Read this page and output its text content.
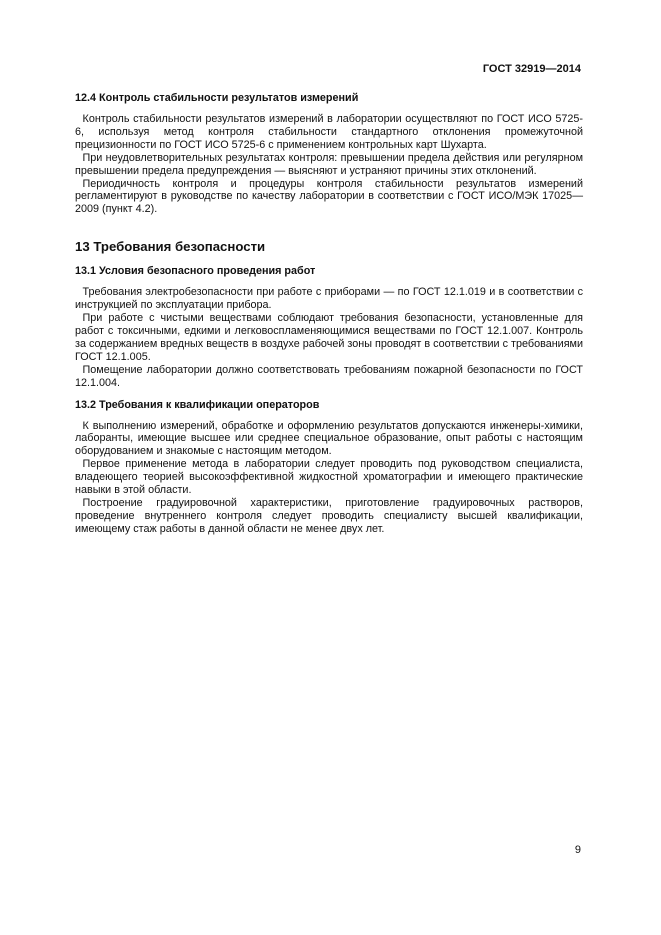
ГОСТ 32919—2014
12.4 Контроль стабильности результатов измерений

Контроль стабильности результатов измерений в лаборатории осуществляют по ГОСТ ИСО 5725-6, используя метод контроля стабильности стандартного отклонения промежуточной прецизионности по ГОСТ ИСО 5725-6 с применением контрольных карт Шухарта.

При неудовлетворительных результатах контроля: превышении предела действия или регулярном превышении предела предупреждения — выясняют и устраняют причины этих отклонений.

Периодичность контроля и процедуры контроля стабильности результатов измерений регламентируют в руководстве по качеству лаборатории в соответствии с ГОСТ ИСО/МЭК 17025—2009 (пункт 4.2).

13 Требования безопасности
13.1 Условия безопасного проведения работ

Требования электробезопасности при работе с приборами — по ГОСТ 12.1.019 и в соответствии с инструкцией по эксплуатации прибора.

При работе с чистыми веществами соблюдают требования безопасности, установленные для работ с токсичными, едкими и легковоспламеняющимися веществами по ГОСТ 12.1.007. Контроль за содержанием вредных веществ в воздухе рабочей зоны проводят в соответствии с требованиями ГОСТ 12.1.005.

Помещение лаборатории должно соответствовать требованиям пожарной безопасности по ГОСТ 12.1.004.

13.2 Требования к квалификации операторов

К выполнению измерений, обработке и оформлению результатов допускаются инженеры-химики, лаборанты, имеющие высшее или среднее специальное образование, опыт работы с настоящим оборудованием и знакомые с настоящим методом.

Первое применение метода в лаборатории следует проводить под руководством специалиста, владеющего теорией высокоэффективной жидкостной хроматографии и имеющего практические навыки в этой области.

Построение градуировочной характеристики, приготовление градуировочных растворов, проведение внутреннего контроля следует проводить специалисту высшей квалификации, имеющему стаж работы в данной области не менее двух лет.

9
